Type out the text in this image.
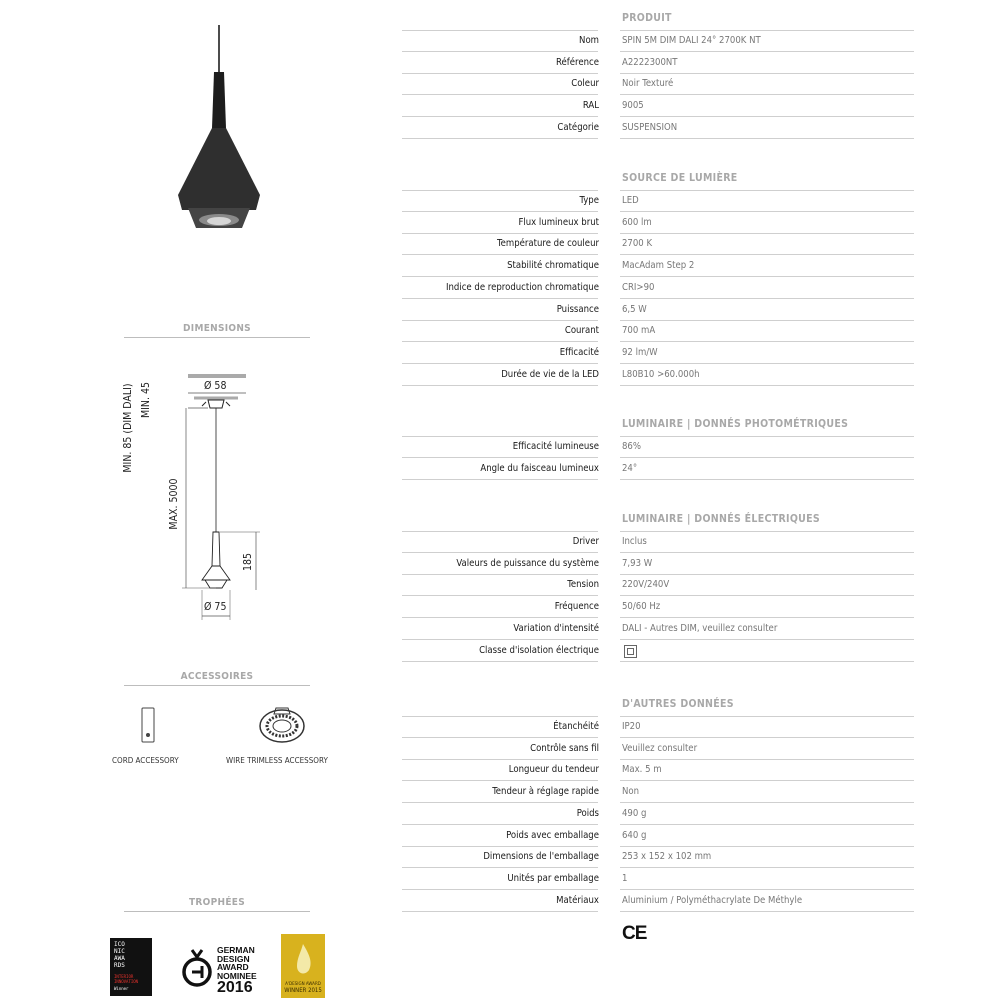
DIMENSIONS
Ø 58
Ø 75
MIN. 85 (DIM DALI) MIN. 45
MAX. 5000
185
ACCESSOIRES
CORD ACCESSORY	WIRE TRIMLESS ACCESSORY
TROPHÉES
ICO
NIC
AWA
RDS
INTERIOR INNOVATION
Winner
GERMAN
DESIGN
AWARD
NOMINEE
2016	A'DESIGN AWARD
WINNER 2015
PRODUIT
Nom SPIN 5M DIM DALI 24° 2700K NT
Référence A2222300NT
Coleur Noir Texturé
RAL 9005
Catégorie SUSPENSION
SOURCE DE LUMIÈRE
Type LED
Flux lumineux brut 600 lm
Température de couleur 2700 K
Stabilité chromatique MacAdam Step 2
Indice de reproduction chromatique CRI>90
Puissance 6,5 W
Courant 700 mA
Efficacité 92 lm/W
Durée de vie de la LED L80B10 >60.000h
LUMINAIRE | DONNÉS PHOTOMÉTRIQUES
Efficacité lumineuse 86%
Angle du faisceau lumineux 24°
LUMINAIRE | DONNÉS ÉLECTRIQUES
Driver Inclus
Valeurs de puissance du système 7,93 W
Tension 220V/240V
Fréquence 50/60 Hz
Variation d'intensité DALI - Autres DIM, veuillez consulter
Classe d'isolation électrique
D'AUTRES DONNÉES
Étanchéité IP20
Contrôle sans fil Veuillez consulter
Longueur du tendeur Max. 5 m
Tendeur à réglage rapide Non
Poids 490 g
Poids avec emballage 640 g
Dimensions de l'emballage 253 x 152 x 102 mm
Unités par emballage 1
Matériaux Aluminium / Polyméthacrylate De Méthyle
CE
